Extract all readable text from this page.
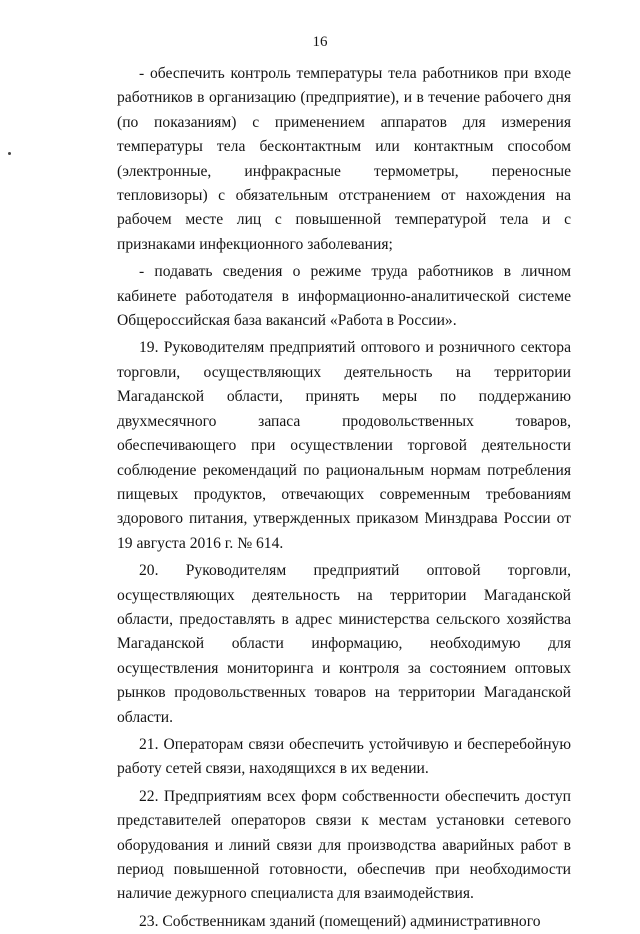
16

- обеспечить контроль температуры тела работников при входе работников в организацию (предприятие), и в течение рабочего дня (по показаниям) с применением аппаратов для измерения температуры тела бесконтактным или контактным способом (электронные, инфракрасные термометры, переносные тепловизоры) с обязательным отстранением от нахождения на рабочем месте лиц с повышенной температурой тела и с признаками инфекционного заболевания;

- подавать сведения о режиме труда работников в личном кабинете работодателя в информационно-аналитической системе Общероссийская база вакансий «Работа в России».

19. Руководителям предприятий оптового и розничного сектора торговли, осуществляющих деятельность на территории Магаданской области, принять меры по поддержанию двухмесячного запаса продовольственных товаров, обеспечивающего при осуществлении торговой деятельности соблюдение рекомендаций по рациональным нормам потребления пищевых продуктов, отвечающих современным требованиям здорового питания, утвержденных приказом Минздрава России от 19 августа 2016 г. № 614.

20. Руководителям предприятий оптовой торговли, осуществляющих деятельность на территории Магаданской области, предоставлять в адрес министерства сельского хозяйства Магаданской области информацию, необходимую для осуществления мониторинга и контроля за состоянием оптовых рынков продовольственных товаров на территории Магаданской области.

21. Операторам связи обеспечить устойчивую и бесперебойную работу сетей связи, находящихся в их ведении.

22. Предприятиям всех форм собственности обеспечить доступ представителей операторов связи к местам установки сетевого оборудования и линий связи для производства аварийных работ в период повышенной готовности, обеспечив при необходимости наличие дежурного специалиста для взаимодействия.

23. Собственникам зданий (помещений) административного
